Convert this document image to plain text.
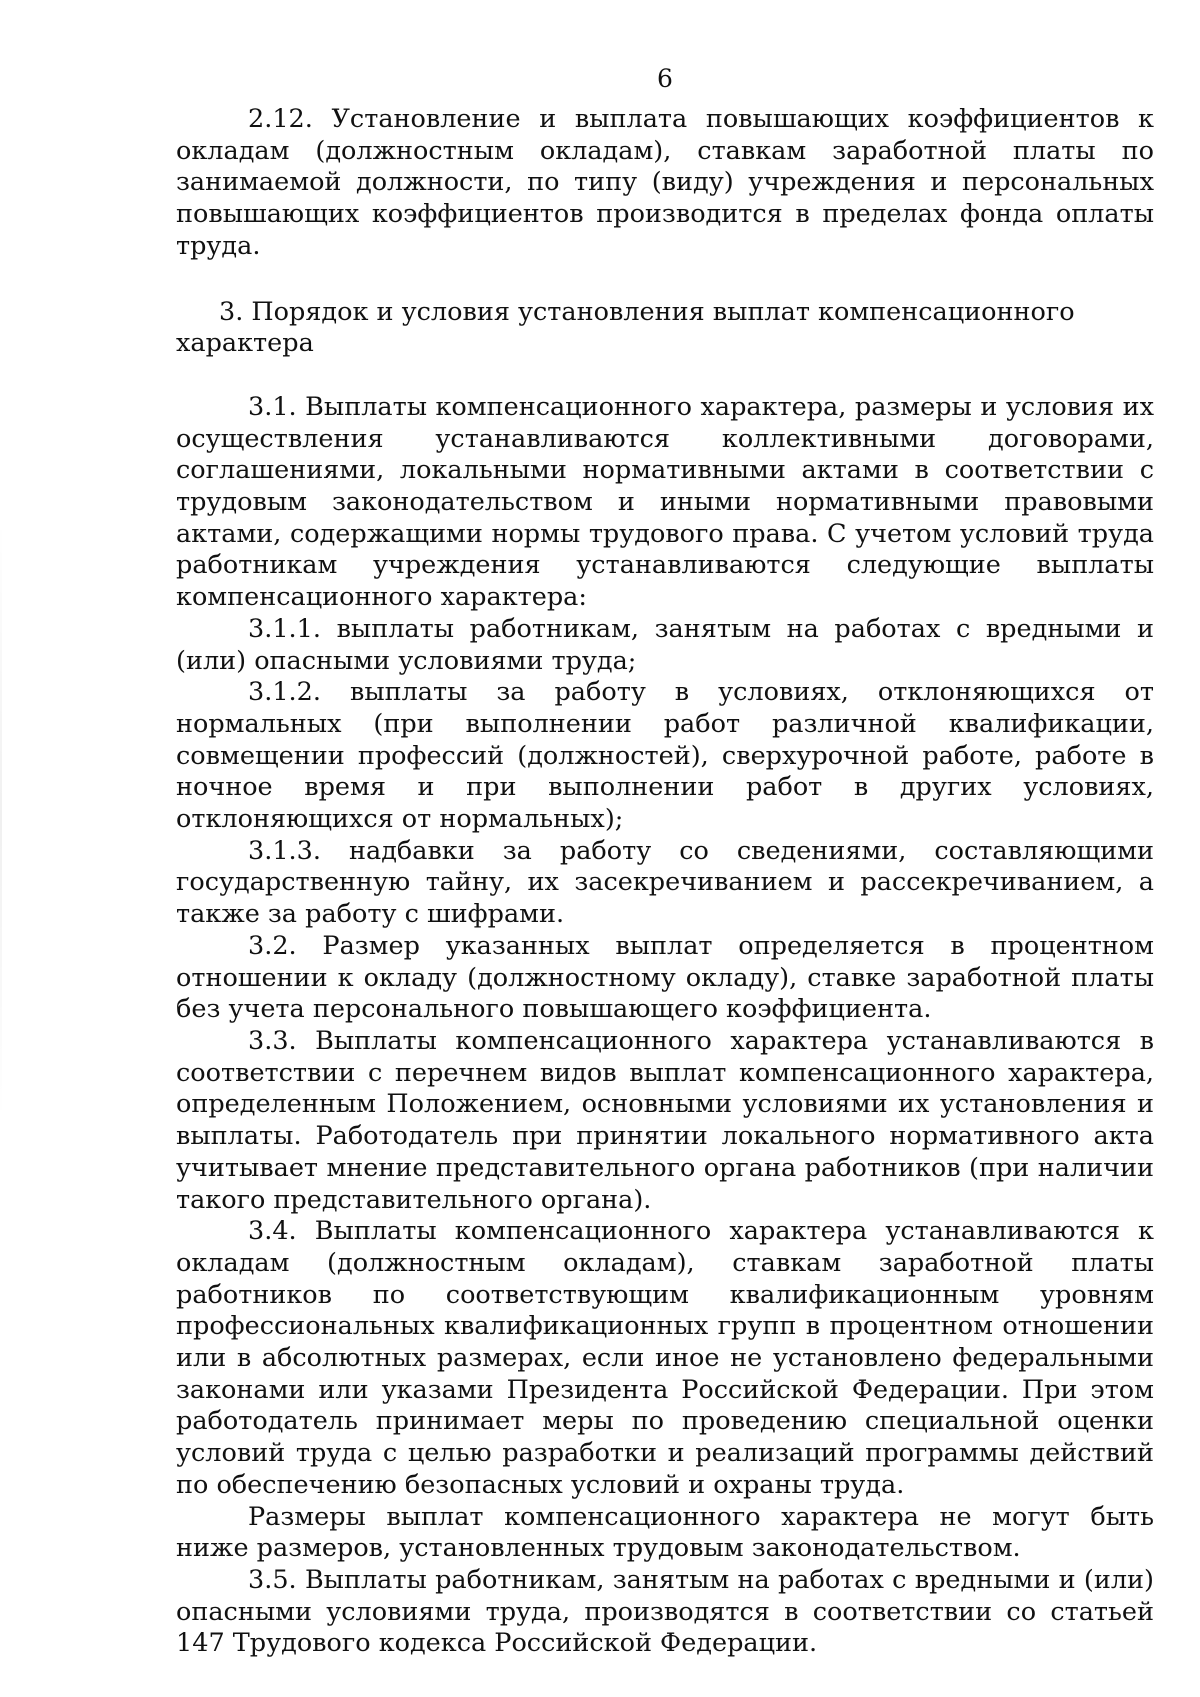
6

2.12. Установление и выплата повышающих коэффициентов к окладам (должностным окладам), ставкам заработной платы по занимаемой должности, по типу (виду) учреждения и персональных повышающих коэффициентов производится в пределах фонда оплаты труда.

3. Порядок и условия установления выплат компенсационного характера

3.1. Выплаты компенсационного характера, размеры и условия их осуществления устанавливаются коллективными договорами, соглашениями, локальными нормативными актами в соответствии с трудовым законодательством и иными нормативными правовыми актами, содержащими нормы трудового права. С учетом условий труда работникам учреждения устанавливаются следующие выплаты компенсационного характера:

3.1.1. выплаты работникам, занятым на работах с вредными и (или) опасными условиями труда;

3.1.2. выплаты за работу в условиях, отклоняющихся от нормальных (при выполнении работ различной квалификации, совмещении профессий (должностей), сверхурочной работе, работе в ночное время и при выполнении работ в других условиях, отклоняющихся от нормальных);

3.1.3. надбавки за работу со сведениями, составляющими государственную тайну, их засекречиванием и рассекречиванием, а также за работу с шифрами.

3.2. Размер указанных выплат определяется в процентном отношении к окладу (должностному окладу), ставке заработной платы без учета персонального повышающего коэффициента.

3.3. Выплаты компенсационного характера устанавливаются в соответствии с перечнем видов выплат компенсационного характера, определенным Положением, основными условиями их установления и выплаты. Работодатель при принятии локального нормативного акта учитывает мнение представительного органа работников (при наличии такого представительного органа).

3.4. Выплаты компенсационного характера устанавливаются к окладам (должностным окладам), ставкам заработной платы работников по соответствующим квалификационным уровням профессиональных квалификационных групп в процентном отношении или в абсолютных размерах, если иное не установлено федеральными законами или указами Президента Российской Федерации. При этом работодатель принимает меры по проведению специальной оценки условий труда с целью разработки и реализаций программы действий по обеспечению безопасных условий и охраны труда.

Размеры выплат компенсационного характера не могут быть ниже размеров, установленных трудовым законодательством.

3.5. Выплаты работникам, занятым на работах с вредными и (или) опасными условиями труда, производятся в соответствии со статьей 147 Трудового кодекса Российской Федерации.
